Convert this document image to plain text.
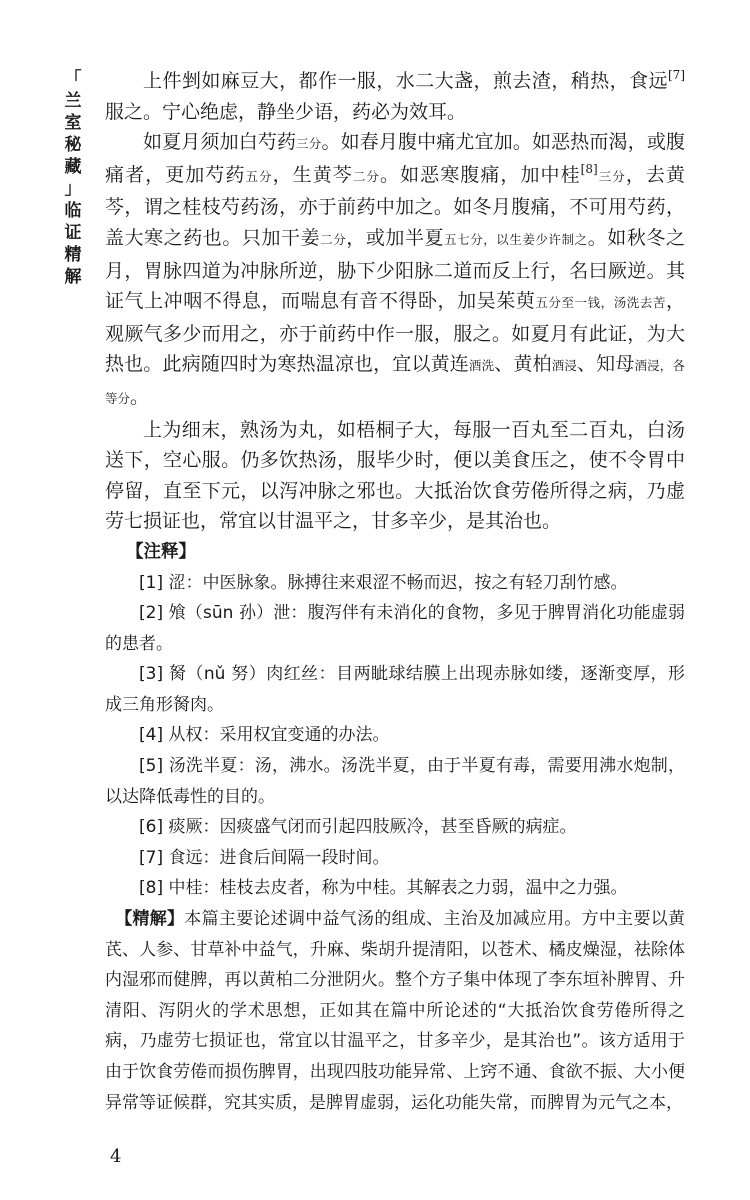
「
兰
室
秘
藏
」
临
证
精
解

上件剉如麻豆大，都作一服，水二大盏，煎去渣，稍热，食远[7]服之。宁心绝虑，静坐少语，药必为效耳。

如夏月须加白芍药三分。如春月腹中痛尤宜加。如恶热而渴，或腹痛者，更加芍药五分，生黄芩二分。如恶寒腹痛，加中桂[8]三分，去黄芩，谓之桂枝芍药汤，亦于前药中加之。如冬月腹痛，不可用芍药，盖大寒之药也。只加干姜二分，或加半夏五七分，以生姜少许制之。如秋冬之月，胃脉四道为冲脉所逆，胁下少阳脉二道而反上行，名曰厥逆。其证气上冲咽不得息，而喘息有音不得卧，加吴茱萸五分至一钱，汤洗去苦，观厥气多少而用之，亦于前药中作一服，服之。如夏月有此证，为大热也。此病随四时为寒热温凉也，宜以黄连酒洗、黄柏酒浸、知母酒浸，各等分。

上为细末，熟汤为丸，如梧桐子大，每服一百丸至二百丸，白汤送下，空心服。仍多饮热汤，服毕少时，便以美食压之，使不令胃中停留，直至下元，以泻冲脉之邪也。大抵治饮食劳倦所得之病，乃虚劳七损证也，常宜以甘温平之，甘多辛少，是其治也。

【注释】

[1] 涩：中医脉象。脉搏往来艰涩不畅而迟，按之有轻刀刮竹感。

[2] 飧（sūn 孙）泄：腹泻伴有未消化的食物，多见于脾胃消化功能虚弱的患者。

[3] 胬（nǔ 努）肉红丝：目两眦球结膜上出现赤脉如缕，逐渐变厚，形成三角形胬肉。

[4] 从权：采用权宜变通的办法。

[5] 汤洗半夏：汤，沸水。汤洗半夏，由于半夏有毒，需要用沸水炮制，以达降低毒性的目的。

[6] 痰厥：因痰盛气闭而引起四肢厥冷，甚至昏厥的病症。

[7] 食远：进食后间隔一段时间。

[8] 中桂：桂枝去皮者，称为中桂。其解表之力弱，温中之力强。

【精解】本篇主要论述调中益气汤的组成、主治及加减应用。方中主要以黄芪、人参、甘草补中益气，升麻、柴胡升提清阳，以苍术、橘皮燥湿，祛除体内湿邪而健脾，再以黄柏二分泄阴火。整个方子集中体现了李东垣补脾胃、升清阳、泻阴火的学术思想，正如其在篇中所论述的“大抵治饮食劳倦所得之病，乃虚劳七损证也，常宜以甘温平之，甘多辛少，是其治也”。该方适用于由于饮食劳倦而损伤脾胃，出现四肢功能异常、上窍不通、食欲不振、大小便异常等证候群，究其实质，是脾胃虚弱，运化功能失常，而脾胃为元气之本，

4
